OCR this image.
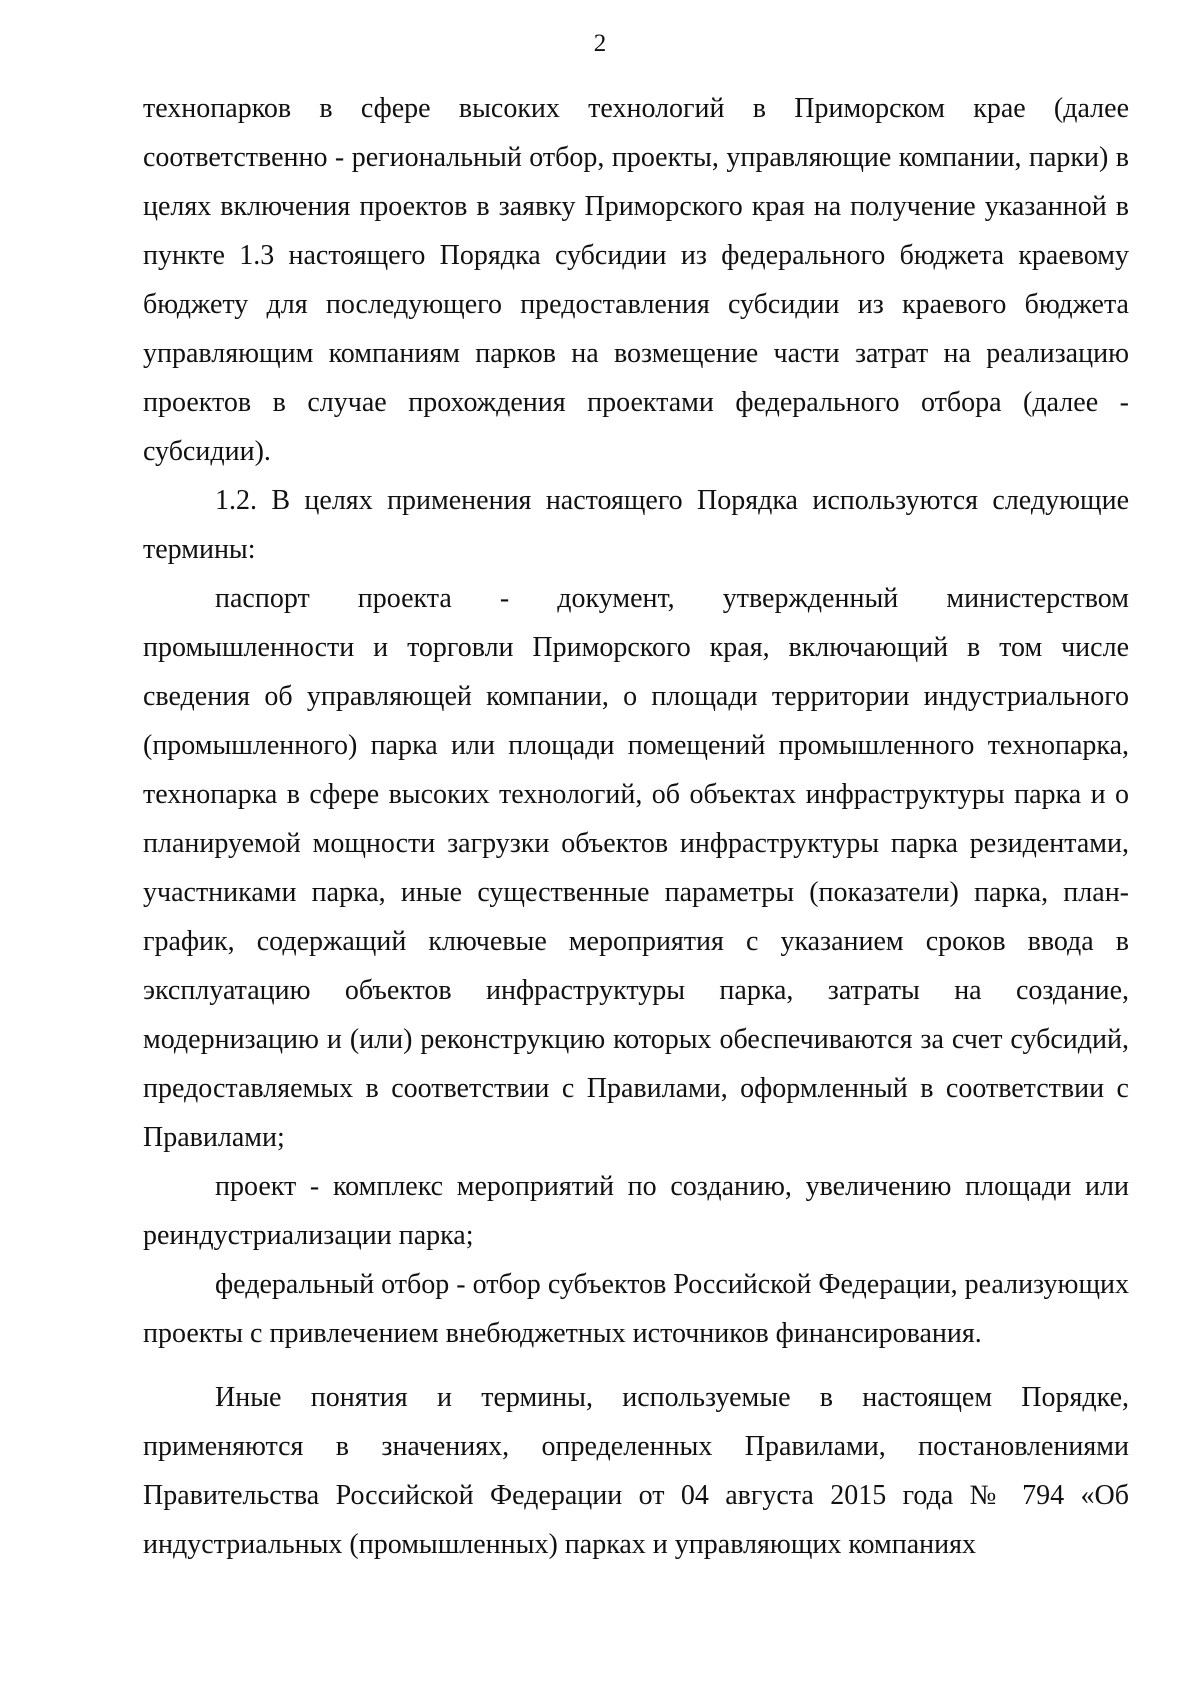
2

технопарков в сфере высоких технологий в Приморском крае (далее соответственно - региональный отбор, проекты, управляющие компании, парки) в целях включения проектов в заявку Приморского края на получение указанной в пункте 1.3 настоящего Порядка субсидии из федерального бюджета краевому бюджету для последующего предоставления субсидии из краевого бюджета управляющим компаниям парков на возмещение части затрат на реализацию проектов в случае прохождения проектами федерального отбора (далее - субсидии).

1.2. В целях применения настоящего Порядка используются следующие термины:

паспорт проекта - документ, утвержденный министерством промышленности и торговли Приморского края, включающий в том числе сведения об управляющей компании, о площади территории индустриального (промышленного) парка или площади помещений промышленного технопарка, технопарка в сфере высоких технологий, об объектах инфраструктуры парка и о планируемой мощности загрузки объектов инфраструктуры парка резидентами, участниками парка, иные существенные параметры (показатели) парка, план-график, содержащий ключевые мероприятия с указанием сроков ввода в эксплуатацию объектов инфраструктуры парка, затраты на создание, модернизацию и (или) реконструкцию которых обеспечиваются за счет субсидий, предоставляемых в соответствии с Правилами, оформленный в соответствии с Правилами;

проект - комплекс мероприятий по созданию, увеличению площади или реиндустриализации парка;

федеральный отбор - отбор субъектов Российской Федерации, реализующих проекты с привлечением внебюджетных источников финансирования.

Иные понятия и термины, используемые в настоящем Порядке, применяются в значениях, определенных Правилами, постановлениями Правительства Российской Федерации от 04 августа 2015 года № 794 «Об индустриальных (промышленных) парках и управляющих компаниях
